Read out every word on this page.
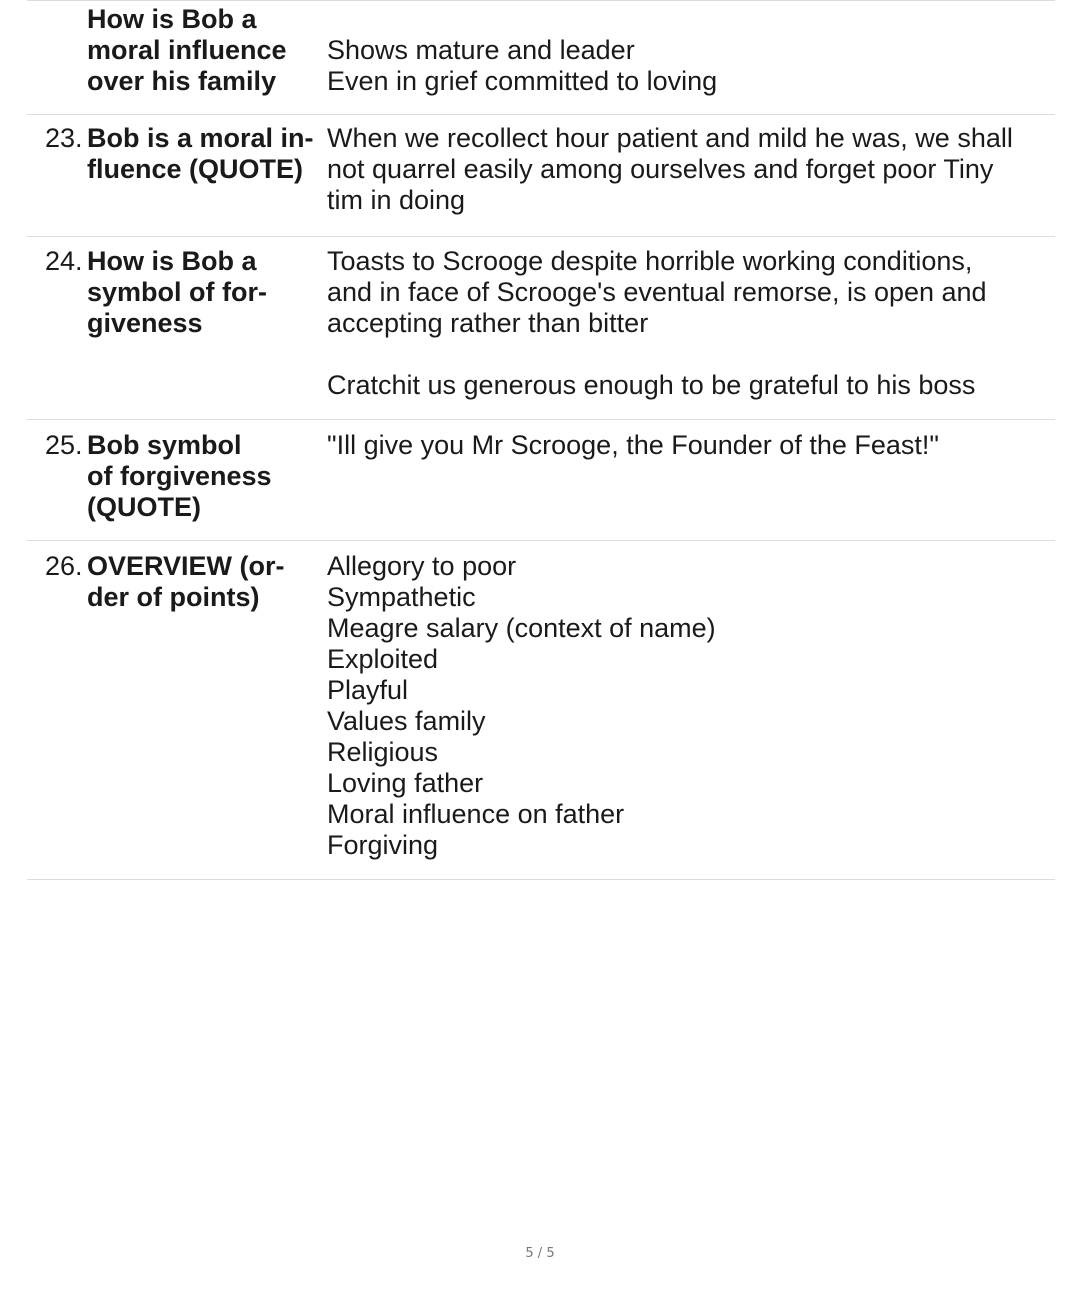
How is Bob a
moral influence
over his family
Shows mature and leader
Even in grief committed to loving
23. Bob is a moral in-
fluence (QUOTE)
When we recollect hour patient and mild he was, we shall
not quarrel easily among ourselves and forget poor Tiny
tim in doing
24. How is Bob a
symbol of for-
giveness
Toasts to Scrooge despite horrible working conditions,
and in face of Scrooge's eventual remorse, is open and
accepting rather than bitter
Cratchit us generous enough to be grateful to his boss
25. Bob symbol
of forgiveness
(QUOTE)
"Ill give you Mr Scrooge, the Founder of the Feast!"
26. OVERVIEW (or-
der of points)
Allegory to poor
Sympathetic
Meagre salary (context of name)
Exploited
Playful
Values family
Religious
Loving father
Moral influence on father
Forgiving
5 / 5
